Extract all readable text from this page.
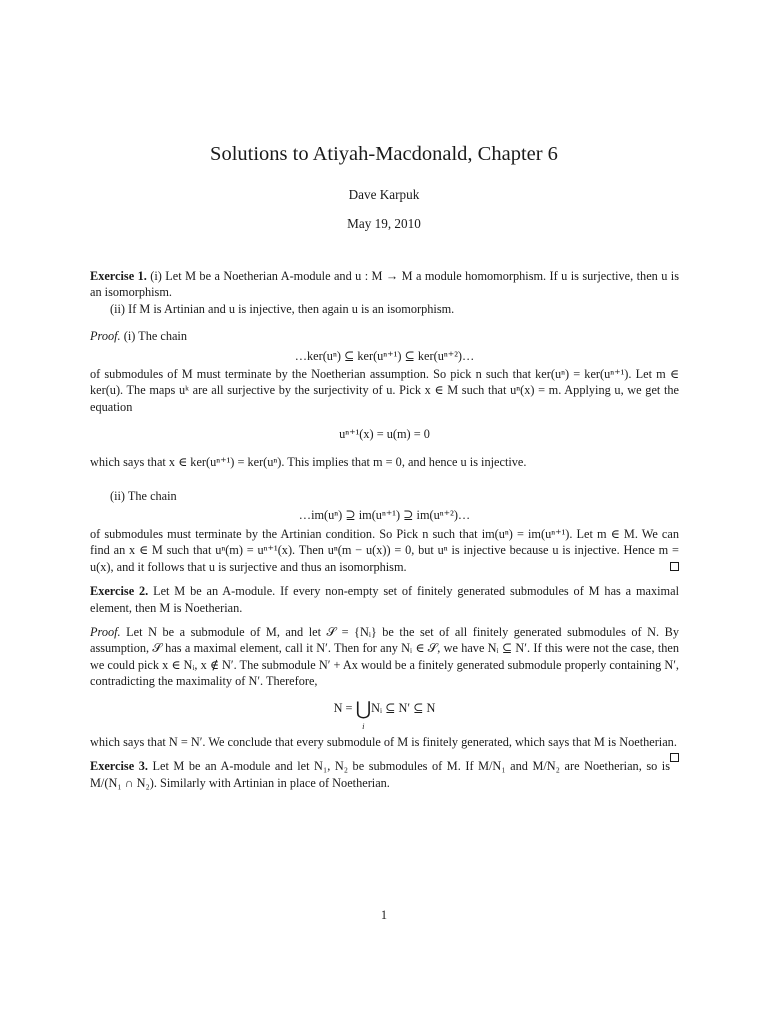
Solutions to Atiyah-Macdonald, Chapter 6
Dave Karpuk
May 19, 2010

Exercise 1. (i) Let M be a Noetherian A-module and u : M → M a module homomorphism. If u is surjective, then u is an isomorphism.

(ii) If M is Artinian and u is injective, then again u is an isomorphism.

Proof. (i) The chain

…ker(uⁿ) ⊆ ker(uⁿ⁺¹) ⊆ ker(uⁿ⁺²)…

of submodules of M must terminate by the Noetherian assumption. So pick n such that ker(uⁿ) = ker(uⁿ⁺¹). Let m ∈ ker(u). The maps uᵏ are all surjective by the surjectivity of u. Pick x ∈ M such that uⁿ(x) = m. Applying u, we get the equation

uⁿ⁺¹(x) = u(m) = 0

which says that x ∈ ker(uⁿ⁺¹) = ker(uⁿ). This implies that m = 0, and hence u is injective.

(ii) The chain

…im(uⁿ) ⊇ im(uⁿ⁺¹) ⊇ im(uⁿ⁺²)…

of submodules must terminate by the Artinian condition. So Pick n such that im(uⁿ) = im(uⁿ⁺¹). Let m ∈ M. We can find an x ∈ M such that uⁿ(m) = uⁿ⁺¹(x). Then uⁿ(m − u(x)) = 0, but uⁿ is injective because u is injective. Hence m = u(x), and it follows that u is surjective and thus an isomorphism.

Exercise 2. Let M be an A-module. If every non-empty set of finitely generated submodules of M has a maximal element, then M is Noetherian.

Proof. Let N be a submodule of M, and let 𝒮 = {Nᵢ} be the set of all finitely generated submodules of N. By assumption, 𝒮 has a maximal element, call it N′. Then for any Nᵢ ∈ 𝒮, we have Nᵢ ⊆ N′. If this were not the case, then we could pick x ∈ Nᵢ, x ∉ N′. The submodule N′ + Ax would be a finitely generated submodule properly containing N′, contradicting the maximality of N′. Therefore,

N = ⋃
i
Nᵢ ⊆ N′ ⊆ N

which says that N = N′. We conclude that every submodule of M is finitely generated, which says that M is Noetherian.

Exercise 3. Let M be an A-module and let N₁, N₂ be submodules of M. If M/N₁ and M/N₂ are Noetherian, so is M/(N₁ ∩ N₂). Similarly with Artinian in place of Noetherian.

1
